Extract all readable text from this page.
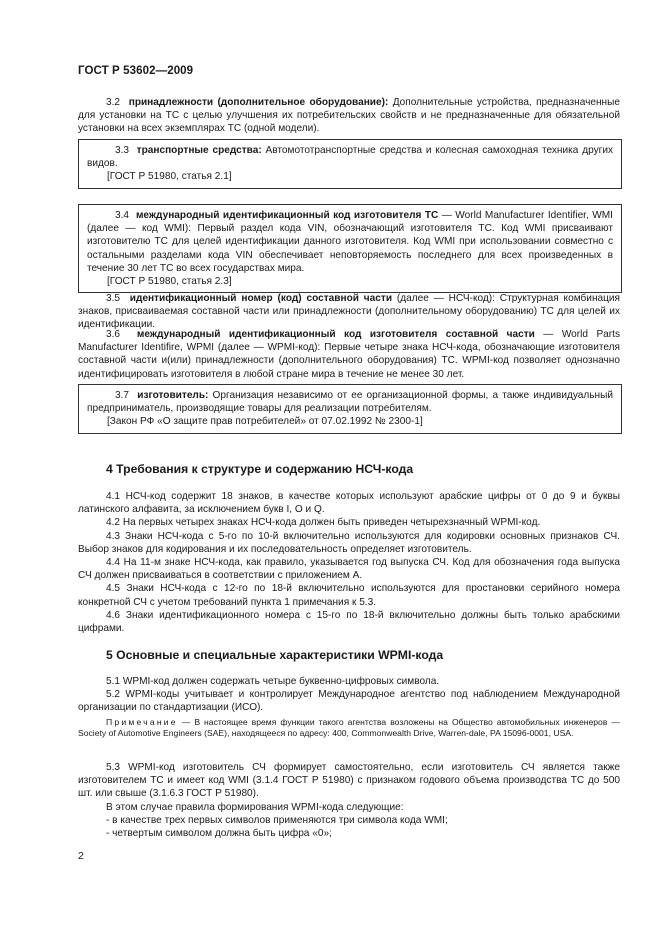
ГОСТ Р 53602—2009

3.2 принадлежности (дополнительное оборудование): Дополнительные устройства, предназначенные для установки на ТС с целью улучшения их потребительских свойств и не предназначенные для обязательной установки на всех экземплярах ТС (одной модели).

3.3 транспортные средства: Автомототранспортные средства и колесная самоходная техника других видов.

[ГОСТ Р 51980, статья 2.1]

3.4 международный идентификационный код изготовителя ТС — World Manufacturer Identifier, WMI (далее — код WMI): Первый раздел кода VIN, обозначающий изготовителя ТС. Код WMI присваивают изготовителю ТС для целей идентификации данного изготовителя. Код WMI при использовании совместно с остальными разделами кода VIN обеспечивает неповторяемость последнего для всех произведенных в течение 30 лет ТС во всех государствах мира.

[ГОСТ Р 51980, статья 2.3]

3.5 идентификационный номер (код) составной части (далее — НСЧ-код): Структурная комбинация знаков, присваиваемая составной части или принадлежности (дополнительному оборудованию) ТС для целей их идентификации.

3.6 международный идентификационный код изготовителя составной части — World Parts Manufacturer Identifire, WPMI (далее — WPMI-код): Первые четыре знака НСЧ-кода, обозначающие изготовителя составной части и(или) принадлежности (дополнительного оборудования) ТС. WPMI-код позволяет однозначно идентифицировать изготовителя в любой стране мира в течение не менее 30 лет.

3.7 изготовитель: Организация независимо от ее организационной формы, а также индивидуальный предприниматель, производящие товары для реализации потребителям.

[Закон РФ «О защите прав потребителей» от 07.02.1992 № 2300-1]

4 Требования к структуре и содержанию НСЧ-кода

4.1 НСЧ-код содержит 18 знаков, в качестве которых используют арабские цифры от 0 до 9 и буквы латинского алфавита, за исключением букв I, O и Q.

4.2 На первых четырех знаках НСЧ-кода должен быть приведен четырехзначный WPMI-код.

4.3 Знаки НСЧ-кода с 5-го по 10-й включительно используются для кодировки основных признаков СЧ. Выбор знаков для кодирования и их последовательность определяет изготовитель.

4.4 На 11-м знаке НСЧ-кода, как правило, указывается год выпуска СЧ. Код для обозначения года выпуска СЧ должен присваиваться в соответствии с приложением А.

4.5 Знаки НСЧ-кода с 12-го по 18-й включительно используются для простановки серийного номера конкретной СЧ с учетом требований пункта 1 примечания к 5.3.

4.6 Знаки идентификационного номера с 15-го по 18-й включительно должны быть только арабскими цифрами.

5 Основные и специальные характеристики WPMI-кода

5.1 WPMI-код должен содержать четыре буквенно-цифровых символа.

5.2 WPMI-коды учитывает и контролирует Международное агентство под наблюдением Международной организации по стандартизации (ИСО).

Примечание — В настоящее время функции такого агентства возложены на Общество автомобильных инженеров — Society of Automotive Engineers (SAE), находящееся по адресу: 400, Commonwealth Drive, Warren-dale, PA 15096-0001, USA.

5.3 WPMI-код изготовитель СЧ формирует самостоятельно, если изготовитель СЧ является также изготовителем ТС и имеет код WMI (3.1.4 ГОСТ Р 51980) с признаком годового объема производства ТС до 500 шт. или свыше (3.1.6.3 ГОСТ Р 51980).

В этом случае правила формирования WPMI-кода следующие:

- в качестве трех первых символов применяются три символа кода WMI;

- четвертым символом должна быть цифра «0»;

2
